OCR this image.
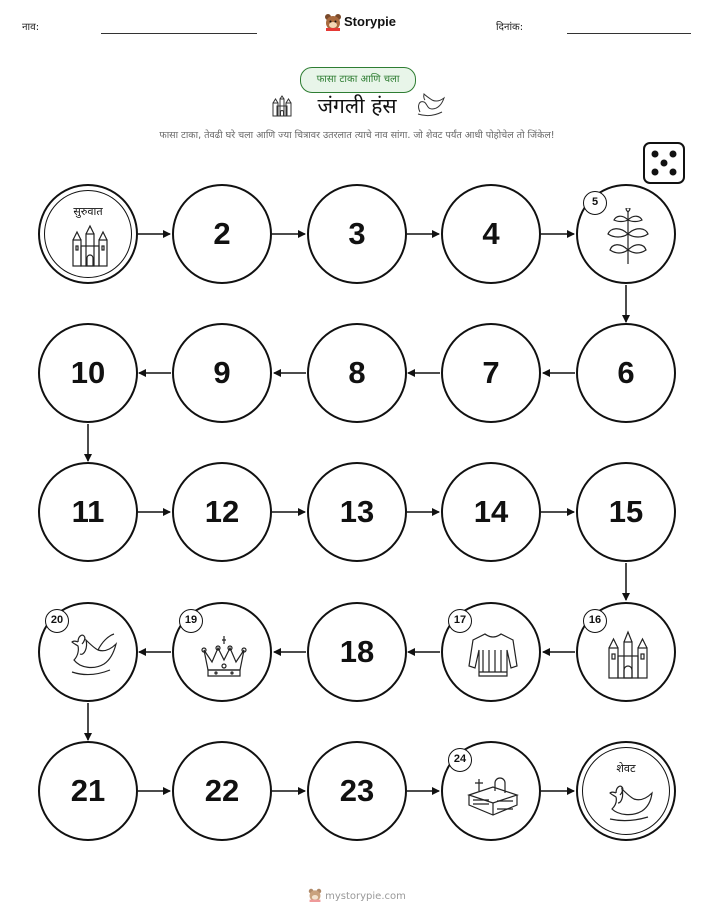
नाव:	Storypie	दिनांक:
फासा टाका आणि चला
जंगली हंस
फासा टाका, तेवढी घरे चला आणि ज्या चित्रावर उतरलात त्याचे नाव सांगा. जो शेवट पर्यंत आधी पोहोचेल तो जिंकेल!
सुरुवात
2	3	4
5
10	9	8	7	6
11	12	13	14	15
20	19
18
17	16
21	22	23
24
शेवट
mystorypie.com
